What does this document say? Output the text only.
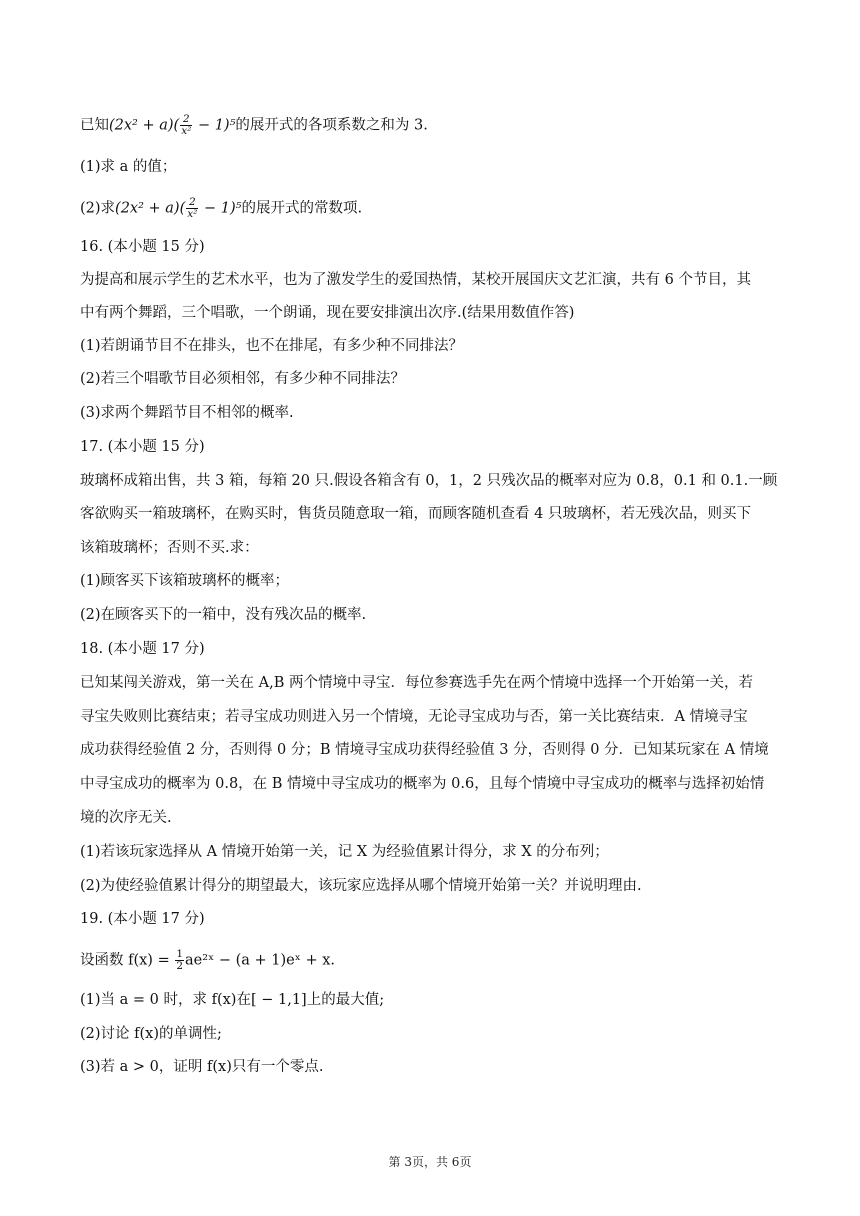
已知$(2x^2 + a)( \frac{2}{\text{x²}} - 1)^5$的展开式的各项系数之和为 3.
(1)求 a 的值；
(2)求$(2x^2 + a)( \frac{2}{\text{x²}} - 1)^5$的展开式的常数项.
16. (本小题 15 分)
为提高和展示学生的艺术水平，也为了激发学生的爱国热情，某校开展国庆文艺汇演，共有 6 个节目，其
中有两个舞蹈，三个唱歌，一个朗诵，现在要安排演出次序.(结果用数值作答)
(1)若朗诵节目不在排头，也不在排尾，有多少种不同排法？
(2)若三个唱歌节目必须相邻，有多少种不同排法？
(3)求两个舞蹈节目不相邻的概率.
17. (本小题 15 分)
玻璃杯成箱出售，共 3 箱，每箱 20 只.假设各箱含有 0，1，2 只残次品的概率对应为 0.8，0.1 和 0.1.一顾
客欲购买一箱玻璃杯，在购买时，售货员随意取一箱，而顾客随机查看 4 只玻璃杯，若无残次品，则买下
该箱玻璃杯；否则不买.求：
(1)顾客买下该箱玻璃杯的概率；
(2)在顾客买下的一箱中，没有残次品的概率.
18. (本小题 17 分)
已知某闯关游戏，第一关在 A,B 两个情境中寻宝．每位参赛选手先在两个情境中选择一个开始第一关，若
寻宝失败则比赛结束；若寻宝成功则进入另一个情境，无论寻宝成功与否，第一关比赛结束．A 情境寻宝
成功获得经验值 2 分，否则得 0 分；B 情境寻宝成功获得经验值 3 分，否则得 0 分．已知某玩家在 A 情境
中寻宝成功的概率为 0.8，在 B 情境中寻宝成功的概率为 0.6，且每个情境中寻宝成功的概率与选择初始情
境的次序无关.
(1)若该玩家选择从 A 情境开始第一关，记 X 为经验值累计得分，求 X 的分布列；
(2)为使经验值累计得分的期望最大，该玩家应选择从哪个情境开始第一关？并说明理由.
19. (本小题 17 分)
设函数 $f(x) = \frac{1}{2}$ ae²ˣ − (a + 1)eˣ + x.
(1)当 a = 0 时，求 f(x)在[ − 1,1]上的最大值;
(2)讨论 f(x)的单调性;
(3)若 a > 0，证明 f(x)只有一个零点.
第 3页，共 6页
